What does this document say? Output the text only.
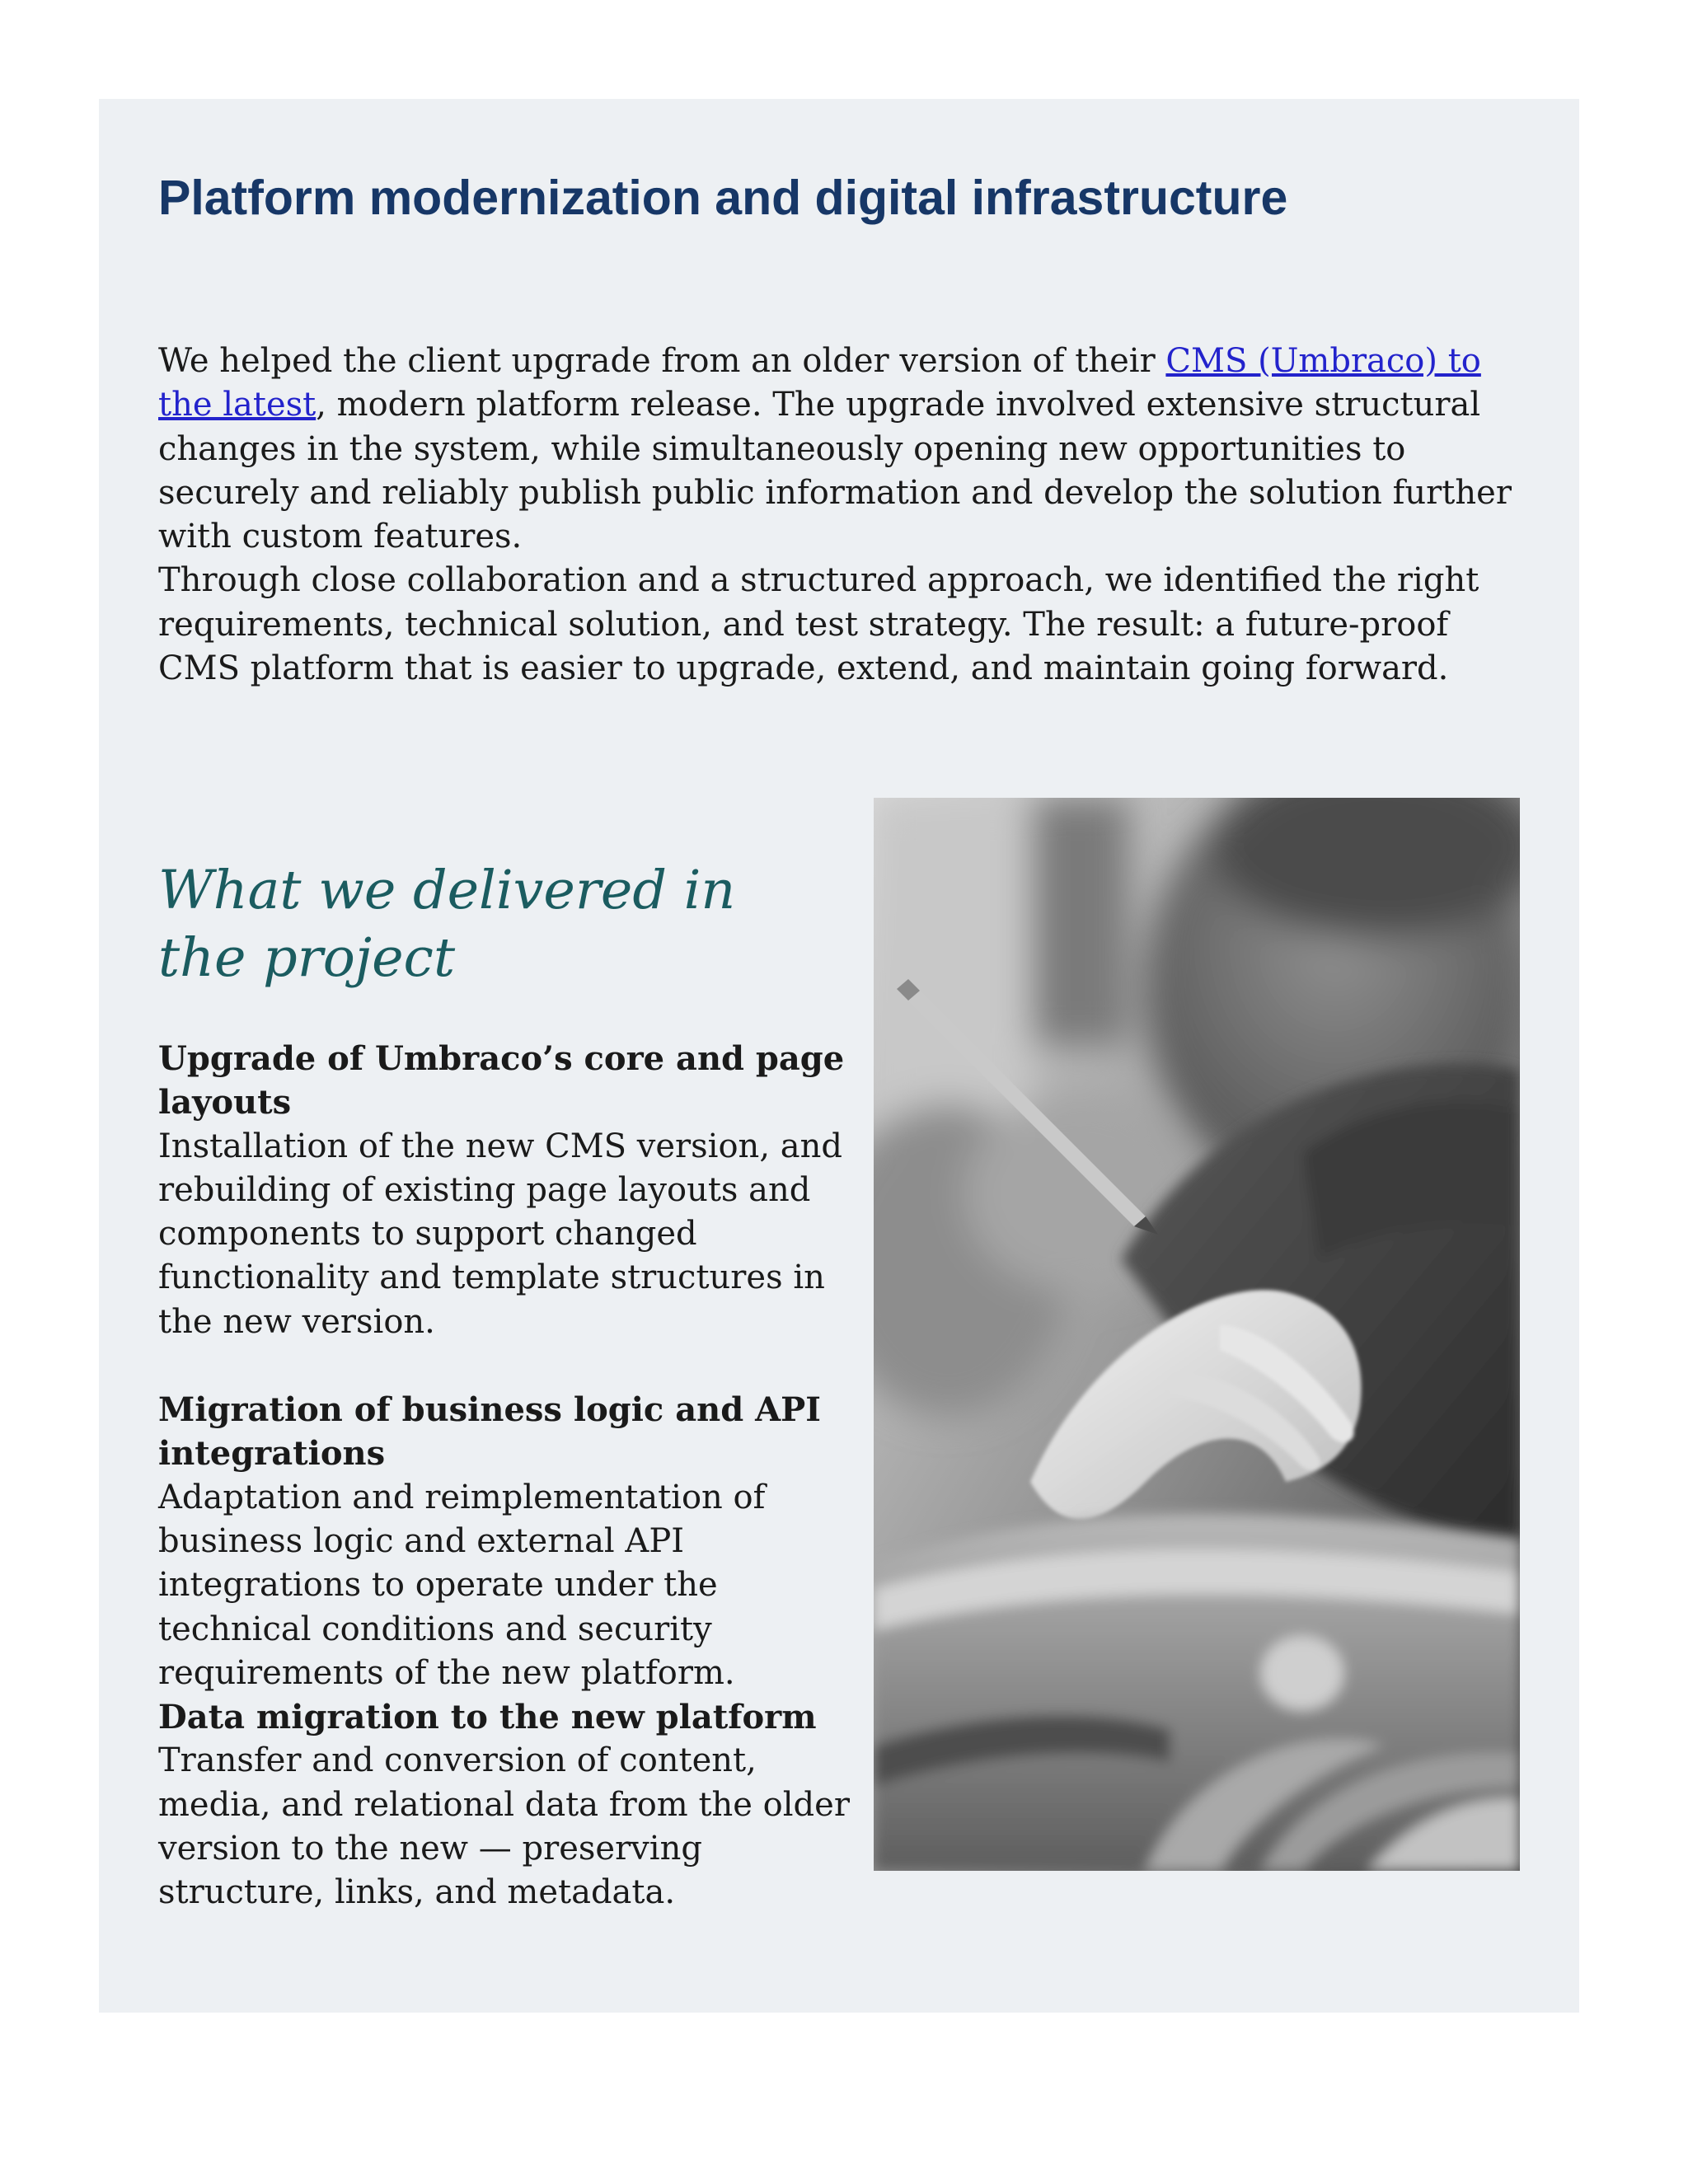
Platform modernization and digital infrastructure

We helped the client upgrade from an older version of their CMS (Umbraco) to the latest, modern platform release. The upgrade involved extensive structural changes in the system, while simultaneously opening new opportunities to securely and reliably publish public information and develop the solution further with custom features.

Through close collaboration and a structured approach, we identified the right requirements, technical solution, and test strategy. The result: a future-proof CMS platform that is easier to upgrade, extend, and maintain going forward.

What we delivered in the project

Upgrade of Umbraco’s core and page layouts

Installation of the new CMS version, and rebuilding of existing page layouts and components to support changed functionality and template structures in the new version.

Migration of business logic and API integrations

Adaptation and reimplementation of business logic and external API integrations to operate under the technical conditions and security requirements of the new platform.

Data migration to the new platform

Transfer and conversion of content, media, and relational data from the older version to the new — preserving structure, links, and metadata.
